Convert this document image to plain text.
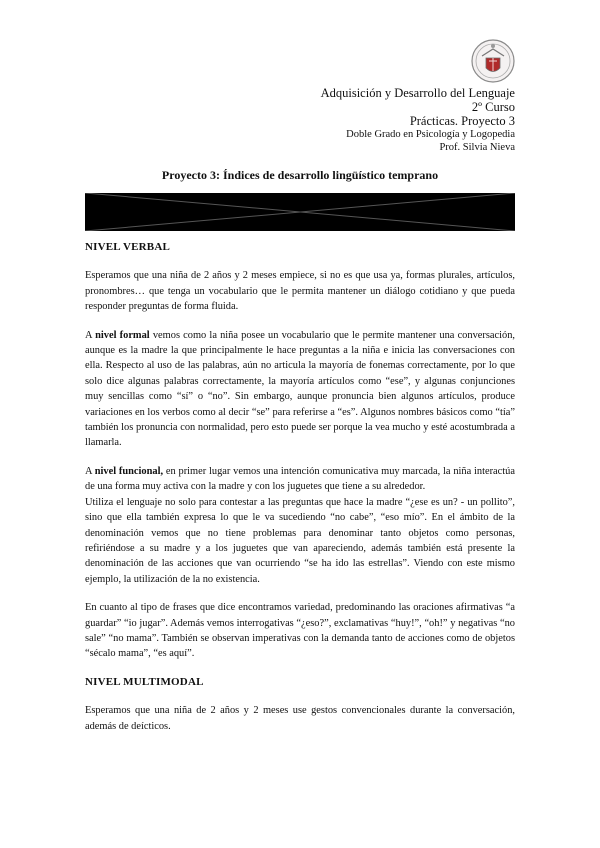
Adquisición y Desarrollo del Lenguaje
2º Curso
Prácticas. Proyecto 3
Doble Grado en Psicología y Logopedia
Prof. Silvia Nieva
Proyecto 3: Índices de desarrollo lingüístico temprano
NIVEL VERBAL

Esperamos que una niña de 2 años y 2 meses empiece, si no es que usa ya, formas plurales, artículos, pronombres… que tenga un vocabulario que le permita mantener un diálogo cotidiano y que pueda responder preguntas de forma fluida.

A nivel formal vemos como la niña posee un vocabulario que le permite mantener una conversación, aunque es la madre la que principalmente le hace preguntas a la niña e inicia las conversaciones con ella. Respecto al uso de las palabras, aún no articula la mayoría de fonemas correctamente, por lo que solo dice algunas palabras correctamente, la mayoría artículos como “ese”, y algunas conjunciones muy sencillas como “sí” o “no”. Sin embargo, aunque pronuncia bien algunos artículos, produce variaciones en los verbos como al decir “se” para referirse a “es”. Algunos nombres básicos como “tía” también los pronuncia con normalidad, pero esto puede ser porque la vea mucho y esté acostumbrada a llamarla.

A nivel funcional, en primer lugar vemos una intención comunicativa muy marcada, la niña interactúa de una forma muy activa con la madre y con los juguetes que tiene a su alrededor.

Utiliza el lenguaje no solo para contestar a las preguntas que hace la madre “¿ese es un? - un pollito”, sino que ella también expresa lo que le va sucediendo “no cabe”, “eso mío”. En el ámbito de la denominación vemos que no tiene problemas para denominar tanto objetos como personas, refiriéndose a su madre y a los juguetes que van apareciendo, además también está presente la denominación de las acciones que van ocurriendo “se ha ido las estrellas”. Viendo con este mismo ejemplo, la utilización de la no existencia.

En cuanto al tipo de frases que dice encontramos variedad, predominando las oraciones afirmativas “a guardar” “io jugar”. Además vemos interrogativas “¿eso?”, exclamativas “huy!”, “oh!” y negativas “no sale” “no mama”. También se observan imperativas con la demanda tanto de acciones como de objetos “sécalo mama”, “es aquí”.

NIVEL MULTIMODAL

Esperamos que una niña de 2 años y 2 meses use gestos convencionales durante la conversación, además de deícticos.
